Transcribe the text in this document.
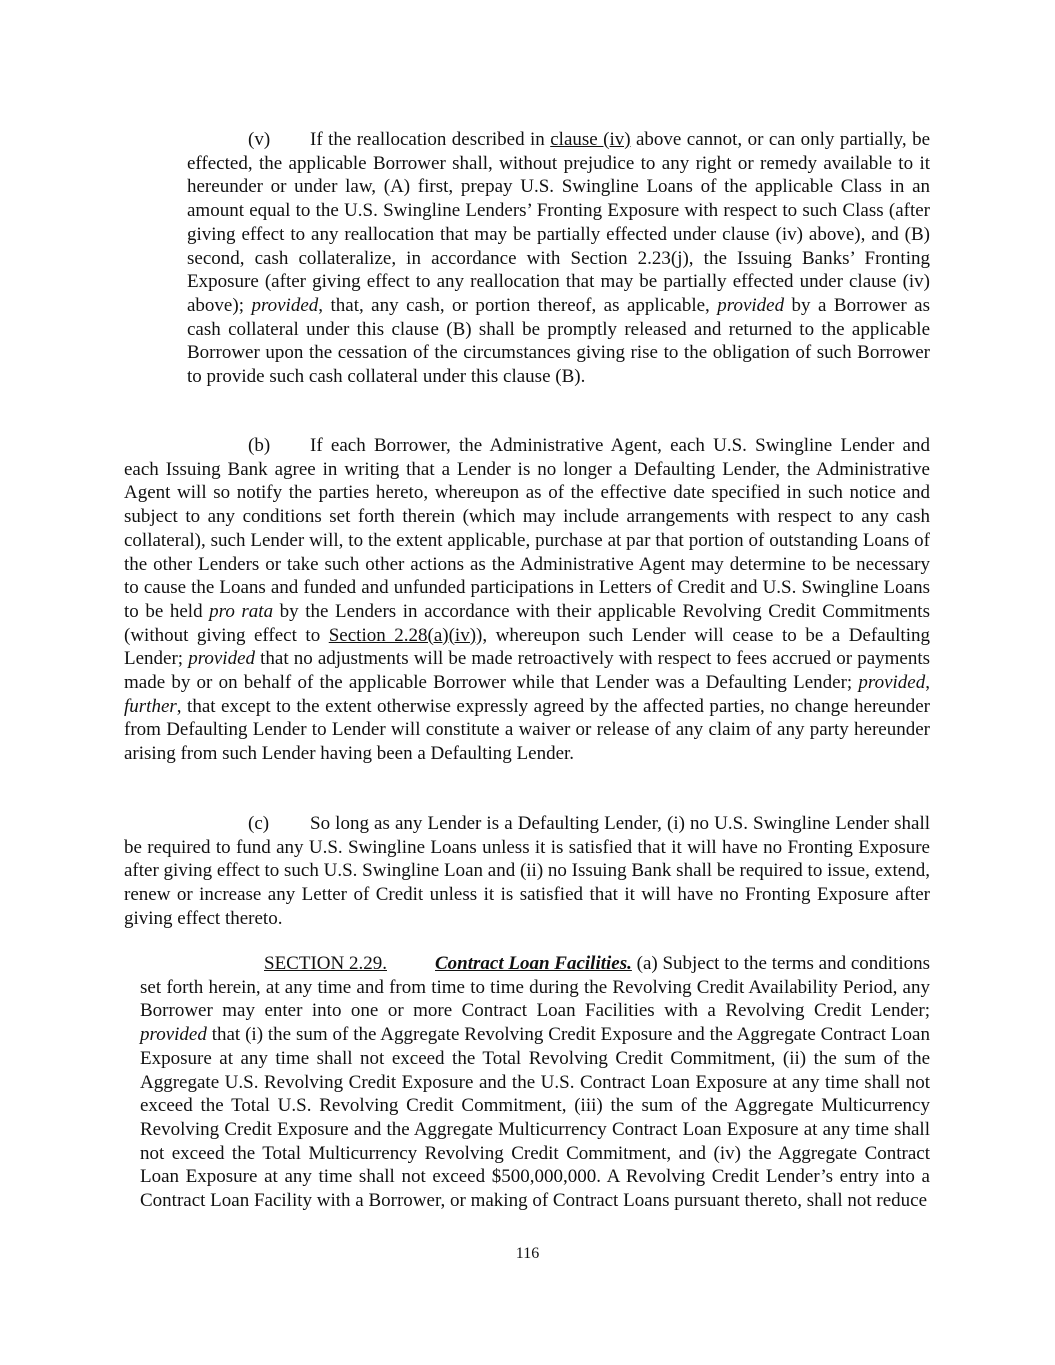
(v) If the reallocation described in clause (iv) above cannot, or can only partially, be effected, the applicable Borrower shall, without prejudice to any right or remedy available to it hereunder or under law, (A) first, prepay U.S. Swingline Loans of the applicable Class in an amount equal to the U.S. Swingline Lenders’ Fronting Exposure with respect to such Class (after giving effect to any reallocation that may be partially effected under clause (iv) above), and (B) second, cash collateralize, in accordance with Section 2.23(j), the Issuing Banks’ Fronting Exposure (after giving effect to any reallocation that may be partially effected under clause (iv) above); provided, that, any cash, or portion thereof, as applicable, provided by a Borrower as cash collateral under this clause (B) shall be promptly released and returned to the applicable Borrower upon the cessation of the circumstances giving rise to the obligation of such Borrower to provide such cash collateral under this clause (B).

(b) If each Borrower, the Administrative Agent, each U.S. Swingline Lender and each Issuing Bank agree in writing that a Lender is no longer a Defaulting Lender, the Administrative Agent will so notify the parties hereto, whereupon as of the effective date specified in such notice and subject to any conditions set forth therein (which may include arrangements with respect to any cash collateral), such Lender will, to the extent applicable, purchase at par that portion of outstanding Loans of the other Lenders or take such other actions as the Administrative Agent may determine to be necessary to cause the Loans and funded and unfunded participations in Letters of Credit and U.S. Swingline Loans to be held pro rata by the Lenders in accordance with their applicable Revolving Credit Commitments (without giving effect to Section 2.28(a)(iv)), whereupon such Lender will cease to be a Defaulting Lender; provided that no adjustments will be made retroactively with respect to fees accrued or payments made by or on behalf of the applicable Borrower while that Lender was a Defaulting Lender; provided, further, that except to the extent otherwise expressly agreed by the affected parties, no change hereunder from Defaulting Lender to Lender will constitute a waiver or release of any claim of any party hereunder arising from such Lender having been a Defaulting Lender.

(c) So long as any Lender is a Defaulting Lender, (i) no U.S. Swingline Lender shall be required to fund any U.S. Swingline Loans unless it is satisfied that it will have no Fronting Exposure after giving effect to such U.S. Swingline Loan and (ii) no Issuing Bank shall be required to issue, extend, renew or increase any Letter of Credit unless it is satisfied that it will have no Fronting Exposure after giving effect thereto.

SECTION 2.29.	Contract Loan Facilities. (a) Subject to the terms and conditions set forth herein, at any time and from time to time during the Revolving Credit Availability Period, any Borrower may enter into one or more Contract Loan Facilities with a Revolving Credit Lender; provided that (i) the sum of the Aggregate Revolving Credit Exposure and the Aggregate Contract Loan Exposure at any time shall not exceed the Total Revolving Credit Commitment, (ii) the sum of the Aggregate U.S. Revolving Credit Exposure and the U.S. Contract Loan Exposure at any time shall not exceed the Total U.S. Revolving Credit Commitment, (iii) the sum of the Aggregate Multicurrency Revolving Credit Exposure and the Aggregate Multicurrency Contract Loan Exposure at any time shall not exceed the Total Multicurrency Revolving Credit Commitment, and (iv) the Aggregate Contract Loan Exposure at any time shall not exceed $500,000,000. A Revolving Credit Lender’s entry into a Contract Loan Facility with a Borrower, or making of Contract Loans pursuant thereto, shall not reduce

116
